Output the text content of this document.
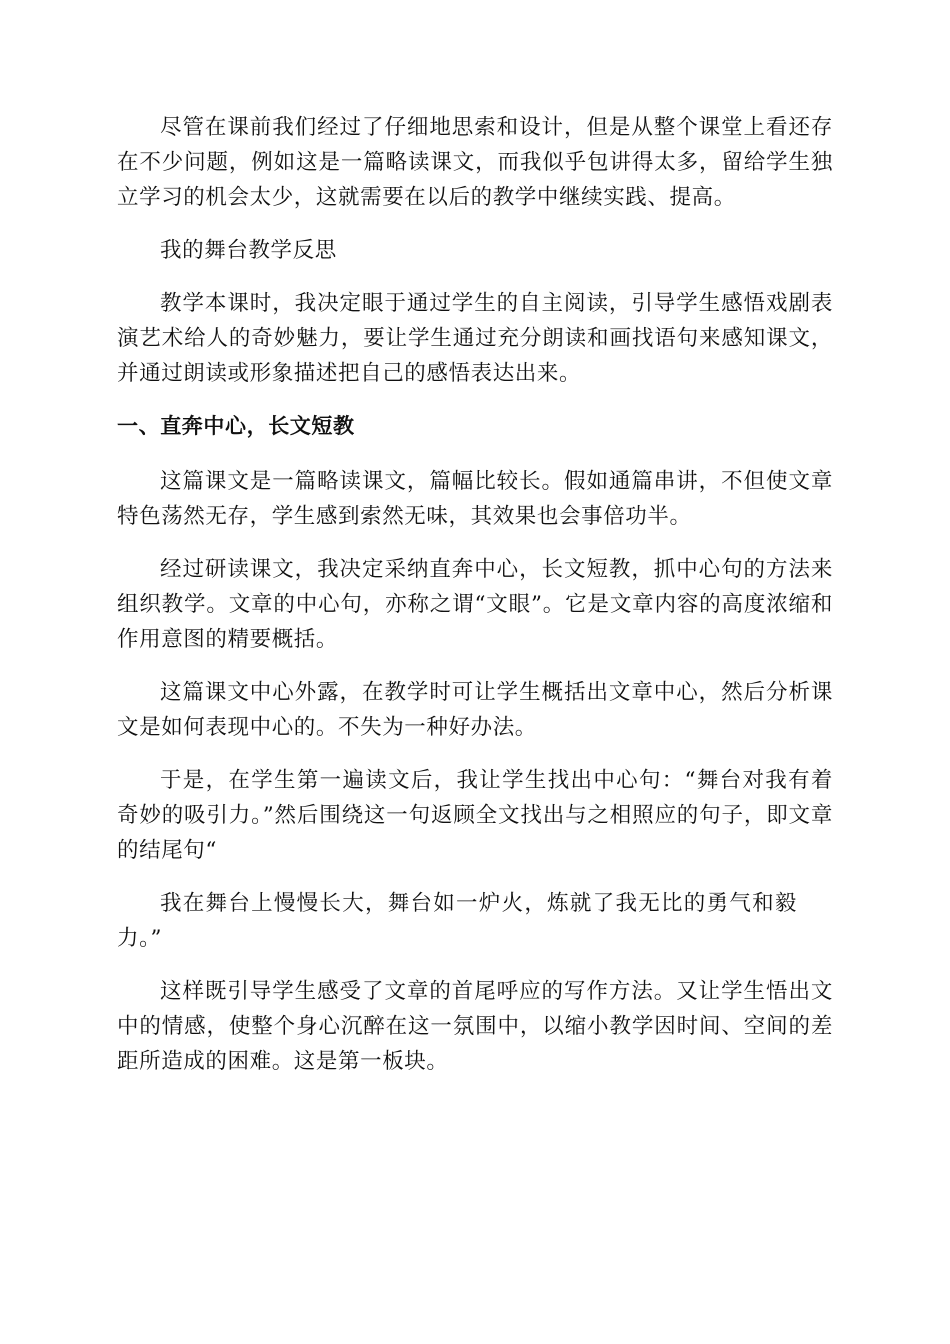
尽管在课前我们经过了仔细地思索和设计，但是从整个课堂上看还存在不少问题，例如这是一篇略读课文，而我似乎包讲得太多，留给学生独立学习的机会太少，这就需要在以后的教学中继续实践、提高。

我的舞台教学反思

教学本课时，我决定眼于通过学生的自主阅读，引导学生感悟戏剧表演艺术给人的奇妙魅力，要让学生通过充分朗读和画找语句来感知课文，并通过朗读或形象描述把自己的感悟表达出来。

一、直奔中心，长文短教

这篇课文是一篇略读课文，篇幅比较长。假如通篇串讲，不但使文章特色荡然无存，学生感到索然无味，其效果也会事倍功半。

经过研读课文，我决定采纳直奔中心，长文短教，抓中心句的方法来组织教学。文章的中心句，亦称之谓“文眼”。它是文章内容的高度浓缩和作用意图的精要概括。

这篇课文中心外露，在教学时可让学生概括出文章中心，然后分析课文是如何表现中心的。不失为一种好办法。

于是，在学生第一遍读文后，我让学生找出中心句：“舞台对我有着奇妙的吸引力。”然后围绕这一句返顾全文找出与之相照应的句子，即文章的结尾句“

我在舞台上慢慢长大，舞台如一炉火，炼就了我无比的勇气和毅力。”

这样既引导学生感受了文章的首尾呼应的写作方法。又让学生悟出文中的情感，使整个身心沉醉在这一氛围中，以缩小教学因时间、空间的差距所造成的困难。这是第一板块。
